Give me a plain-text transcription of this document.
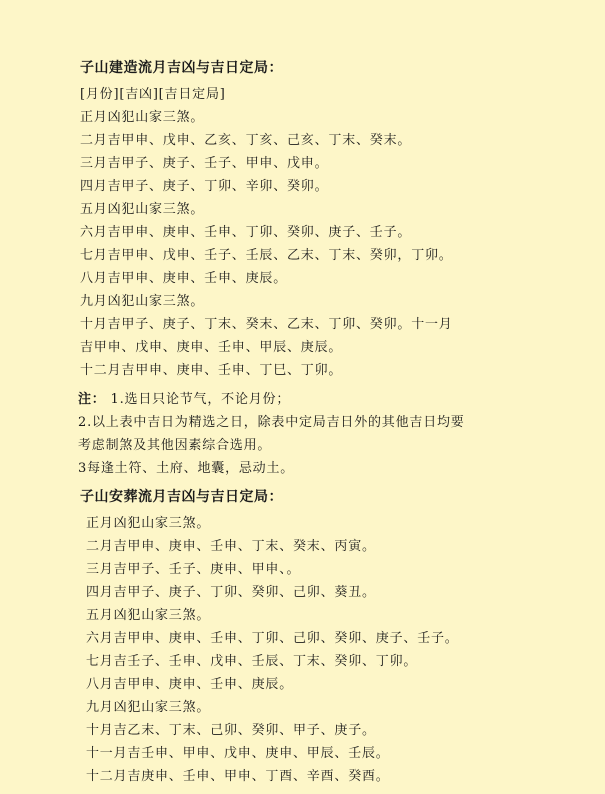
子山建造流月吉凶与吉日定局：
[月份][吉凶][吉日定局]
正月凶犯山家三煞。
二月吉甲申、戊申、乙亥、丁亥、己亥、丁末、癸末。
三月吉甲子、庚子、壬子、甲申、戊申。
四月吉甲子、庚子、丁卯、辛卯、癸卯。
五月凶犯山家三煞。
六月吉甲申、庚申、壬申、丁卯、癸卯、庚子、壬子。
七月吉甲申、戊申、壬子、壬辰、乙末、丁末、癸卯，丁卯。
八月吉甲申、庚申、壬申、庚辰。
九月凶犯山家三煞。
十月吉甲子、庚子、丁末、癸末、乙末、丁卯、癸卯。十一月
吉甲申、戊申、庚申、壬申、甲辰、庚辰。
十二月吉甲申、庚申、壬申、丁巳、丁卯。
注： 1.选日只论节气，不论月份；
2.以上表中吉日为精选之日，除表中定局吉日外的其他吉日均要
考虑制煞及其他因素综合选用。
3每逢土符、土府、地囊，忌动土。
子山安葬流月吉凶与吉日定局：
正月凶犯山家三煞。
二月吉甲申、庚申、壬申、丁末、癸末、丙寅。
三月吉甲子、壬子、庚申、甲申、。
四月吉甲子、庚子、丁卯、癸卯、己卯、葵丑。
五月凶犯山家三煞。
六月吉甲申、庚申、壬申、丁卯、己卯、癸卯、庚子、壬子。
七月吉壬子、壬申、戊申、壬辰、丁末、癸卯、丁卯。
八月吉甲申、庚申、壬申、庚辰。
九月凶犯山家三煞。
十月吉乙末、丁末、己卯、癸卯、甲子、庚子。
十一月吉壬申、甲申、戊申、庚申、甲辰、壬辰。
十二月吉庚申、壬申、甲申、丁酉、辛酉、癸酉。
